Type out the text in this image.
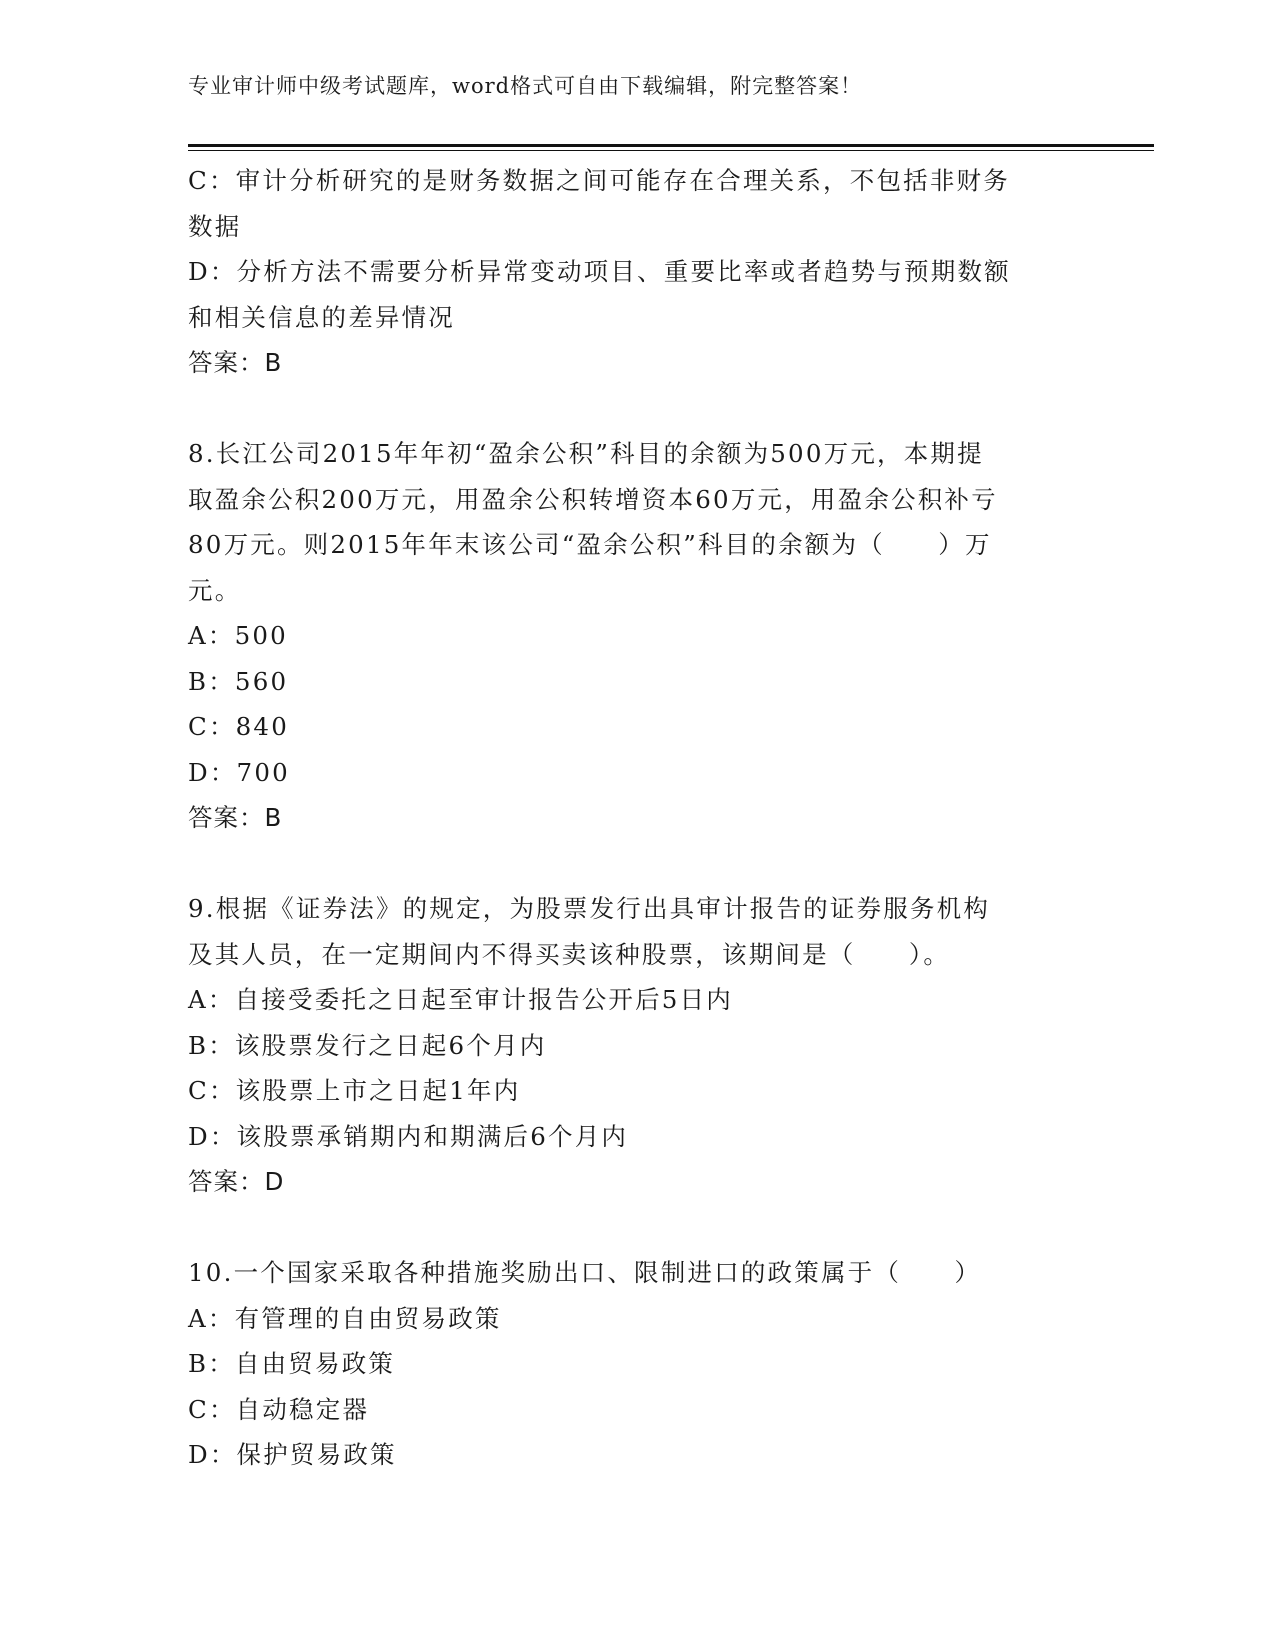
专业审计师中级考试题库，word格式可自由下载编辑，附完整答案！
C：审计分析研究的是财务数据之间可能存在合理关系，不包括非财务
数据
D：分析方法不需要分析异常变动项目、重要比率或者趋势与预期数额
和相关信息的差异情况
答案：B
8.长江公司2015年年初“盈余公积”科目的余额为500万元，本期提
取盈余公积200万元，用盈余公积转增资本60万元，用盈余公积补亏
80万元。则2015年年末该公司“盈余公积”科目的余额为（　　）万
元。
A：500
B：560
C：840
D：700
答案：B
9.根据《证券法》的规定，为股票发行出具审计报告的证券服务机构
及其人员，在一定期间内不得买卖该种股票，该期间是（　　）。
A：自接受委托之日起至审计报告公开后5日内
B：该股票发行之日起6个月内
C：该股票上市之日起1年内
D：该股票承销期内和期满后6个月内
答案：D
10.一个国家采取各种措施奖励出口、限制进口的政策属于（　　）
A：有管理的自由贸易政策
B：自由贸易政策
C：自动稳定器
D：保护贸易政策
